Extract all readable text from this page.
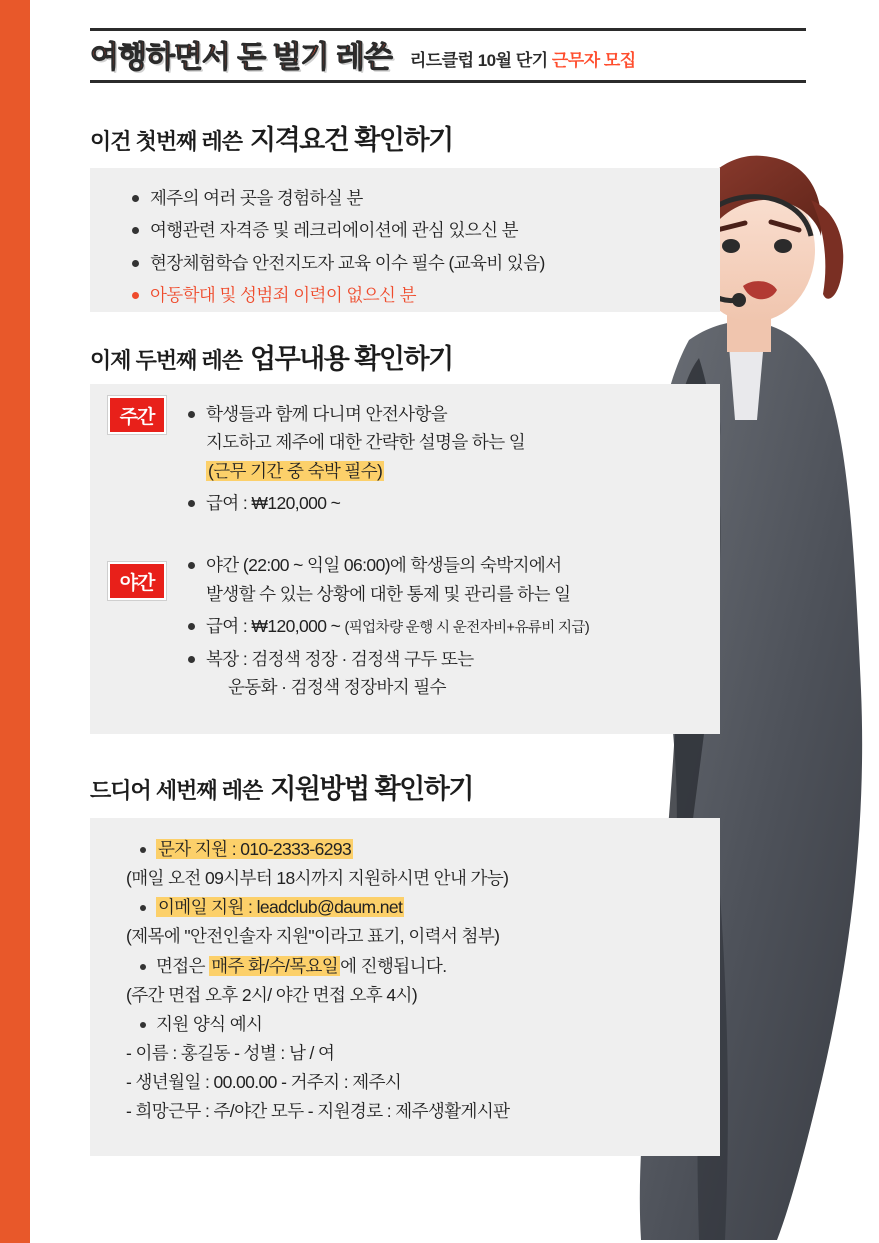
여행하면서 돈 벌기 레쓴 리드클럽 10월 단기 근무자 모집
이건 첫번째 레쓴 지격요건 확인하기
제주의 여러 곳을 경험하실 분
여행관련 자격증 및 레크리에이션에 관심 있으신 분
현장체험학습 안전지도자 교육 이수 필수 (교육비 있음)
아동학대 및 성범죄 이력이 없으신 분
이제 두번째 레쓴 업무내용 확인하기
학생들과 함께 다니며 안전사항을
지도하고 제주에 대한 간략한 설명을 하는 일
(근무 기간 중 숙박 필수)
급여 : ₩120,000 ~
야간 (22:00 ~ 익일 06:00)에 학생들의 숙박지에서
발생할 수 있는 상황에 대한 통제 및 관리를 하는 일
급여 : ₩120,000 ~ (픽업차량 운행 시 운전자비+유류비 지급)
복장 : 검정색 정장 · 검정색 구두 또는
운동화 · 검정색 정장바지 필수
주간
야간
드디어 세번째 레쓴 지원방법 확인하기
문자 지원 : 010-2333-6293
(매일 오전 09시부터 18시까지 지원하시면 안내 가능)
이메일 지원 : leadclub@daum.net
(제목에 "안전인솔자 지원"이라고 표기, 이력서 첨부)
면접은 매주 화/수/목요일 에 진행됩니다.
(주간 면접 오후 2시/ 야간 면접 오후 4시)
지원 양식 예시
- 이름 : 홍길동 - 성별 : 남 / 여
- 생년월일 : 00.00.00 - 거주지 : 제주시
- 희망근무 : 주/야간 모두 - 지원경로 : 제주생활게시판
